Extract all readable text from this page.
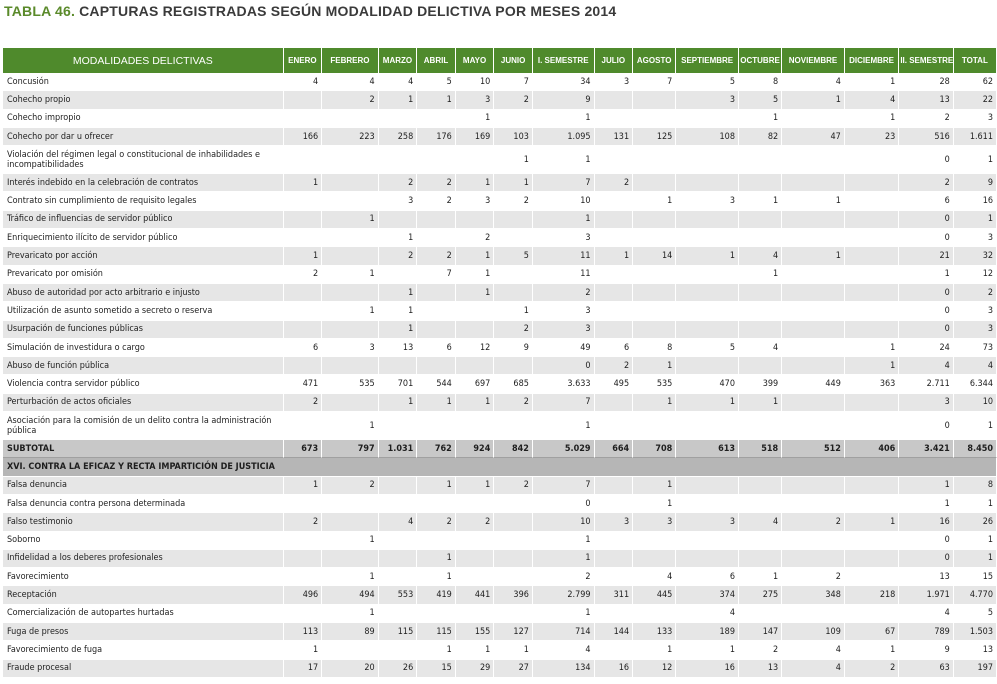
TABLA 46. CAPTURAS REGISTRADAS SEGÚN MODALIDAD DELICTIVA POR MESES 2014
MODALIDADES DELICTIVAS	ENERO	FEBRERO	MARZO	ABRIL	MAYO	JUNIO	I. SEMESTRE	JULIO	AGOSTO	SEPTIEMBRE	OCTUBRE	NOVIEMBRE	DICIEMBRE	II. SEMESTRE	TOTAL
Concusión	4	4	4	5	10	7	34	3	7	5	8	4	1	28	62
Cohecho propio		2	1	1	3	2	9			3	5	1	4	13	22
Cohecho impropio					1		1				1		1	2	3
Cohecho por dar u ofrecer	166	223	258	176	169	103	1.095	131	125	108	82	47	23	516	1.611
Violación del régimen legal o constitucional de inhabilidades e incompatibilidades						1	1							0	1
Interés indebido en la celebración de contratos	1		2	2	1	1	7	2						2	9
Contrato sin cumplimiento de requisito legales			3	2	3	2	10		1	3	1	1		6	16
Tráfico de influencias de servidor público		1					1							0	1
Enriquecimiento ilícito de servidor público			1		2		3							0	3
Prevaricato por acción	1		2	2	1	5	11	1	14	1	4	1		21	32
Prevaricato por omisión	2	1		7	1		11				1			1	12
Abuso de autoridad por acto arbitrario e injusto			1		1		2							0	2
Utilización de asunto sometido a secreto o reserva		1	1			1	3							0	3
Usurpación de funciones públicas			1			2	3							0	3
Simulación de investidura o cargo	6	3	13	6	12	9	49	6	8	5	4		1	24	73
Abuso de función pública							0	2	1				1	4	4
Violencia contra servidor público	471	535	701	544	697	685	3.633	495	535	470	399	449	363	2.711	6.344
Perturbación de actos oficiales	2		1	1	1	2	7		1	1	1			3	10
Asociación para la comisión de un delito contra la administración pública		1					1							0	1
SUBTOTAL	673	797	1.031	762	924	842	5.029	664	708	613	518	512	406	3.421	8.450
XVI. CONTRA LA EFICAZ Y RECTA IMPARTICIÓN DE JUSTICIA															
Falsa denuncia	1	2		1	1	2	7		1					1	8
Falsa denuncia contra persona determinada							0		1					1	1
Falso testimonio	2		4	2	2		10	3	3	3	4	2	1	16	26
Soborno		1					1							0	1
Infidelidad a los deberes profesionales				1			1							0	1
Favorecimiento		1		1			2		4	6	1	2		13	15
Receptación	496	494	553	419	441	396	2.799	311	445	374	275	348	218	1.971	4.770
Comercialización de autopartes hurtadas		1					1			4				4	5
Fuga de presos	113	89	115	115	155	127	714	144	133	189	147	109	67	789	1.503
Favorecimiento de fuga	1			1	1	1	4		1	1	2	4	1	9	13
Fraude procesal	17	20	26	15	29	27	134	16	12	16	13	4	2	63	197
